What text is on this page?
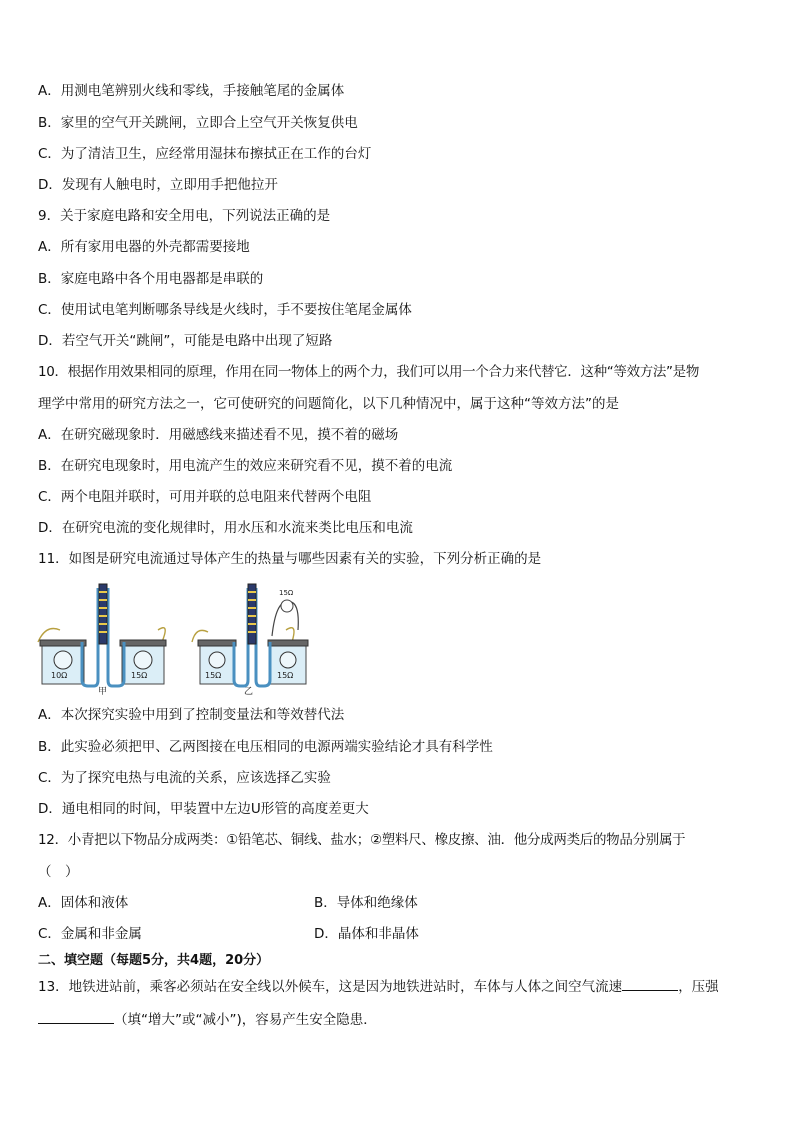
A．用测电笔辨别火线和零线，手接触笔尾的金属体
B．家里的空气开关跳闸，立即合上空气开关恢复供电
C．为了清洁卫生，应经常用湿抹布擦拭正在工作的台灯
D．发现有人触电时，立即用手把他拉开
9．关于家庭电路和安全用电，下列说法正确的是
A．所有家用电器的外壳都需要接地
B．家庭电路中各个用电器都是串联的
C．使用试电笔判断哪条导线是火线时，手不要按住笔尾金属体
D．若空气开关“跳闸”，可能是电路中出现了短路
10．根据作用效果相同的原理，作用在同一物体上的两个力，我们可以用一个合力来代替它．这种“等效方法”是物
理学中常用的研究方法之一，它可使研究的问题简化，以下几种情况中，属于这种“等效方法”的是
A．在研究磁现象时．用磁感线来描述看不见，摸不着的磁场
B．在研究电现象时，用电流产生的效应来研究看不见，摸不着的电流
C．两个电阻并联时，可用并联的总电阻来代替两个电阻
D．在研究电流的变化规律时，用水压和水流来类比电压和电流
11．如图是研究电流通过导体产生的热量与哪些因素有关的实验，下列分析正确的是
10Ω	15Ω
甲
15Ω	15Ω
15Ω
乙
A．本次探究实验中用到了控制变量法和等效替代法
B．此实验必须把甲、乙两图接在电压相同的电源两端实验结论才具有科学性
C．为了探究电热与电流的关系，应该选择乙实验
D．通电相同的时间，甲装置中左边U形管的高度差更大
12．小青把以下物品分成两类：①铅笔芯、铜线、盐水；②塑料尺、橡皮擦、油．他分成两类后的物品分别属于
（　）
A．固体和液体	B．导体和绝缘体
C．金属和非金属	D．晶体和非晶体
二、填空题（每题5分，共4题，20分）
13．地铁进站前，乘客必须站在安全线以外候车，这是因为地铁进站时，车体与人体之间空气流速	，压强
（填“增大”或“减小”)，容易产生安全隐患．
